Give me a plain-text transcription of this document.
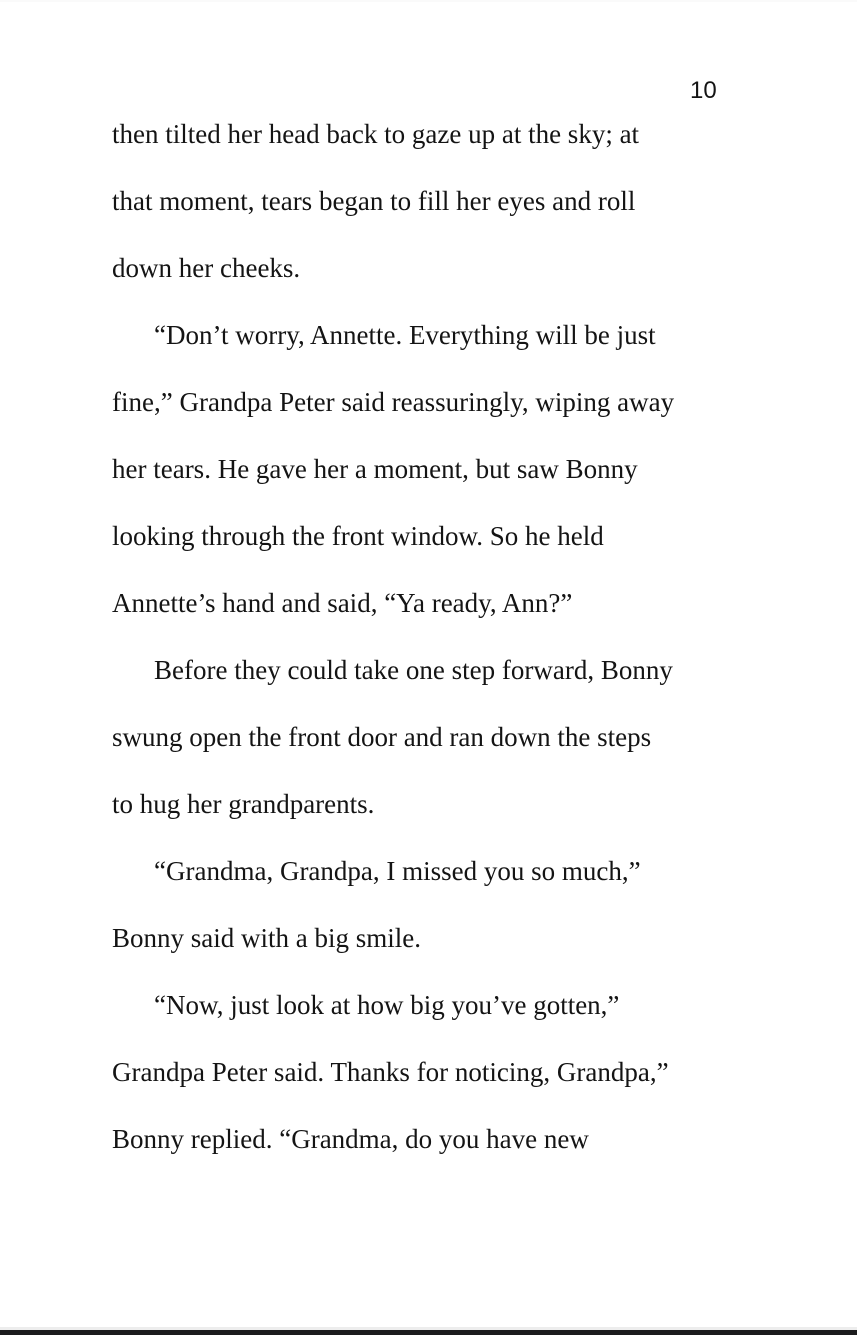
10
then tilted her head back to gaze up at the sky; at
that moment, tears began to fill her eyes and roll
down her cheeks.
“Don’t worry, Annette. Everything will be just
fine,” Grandpa Peter said reassuringly, wiping away
her tears. He gave her a moment, but saw Bonny
looking through the front window. So he held
Annette’s hand and said, “Ya ready, Ann?”
Before they could take one step forward, Bonny
swung open the front door and ran down the steps
to hug her grandparents.
“Grandma, Grandpa, I missed you so much,”
Bonny said with a big smile.
“Now, just look at how big you’ve gotten,”
Grandpa Peter said. Thanks for noticing, Grandpa,”
Bonny replied. “Grandma, do you have new
